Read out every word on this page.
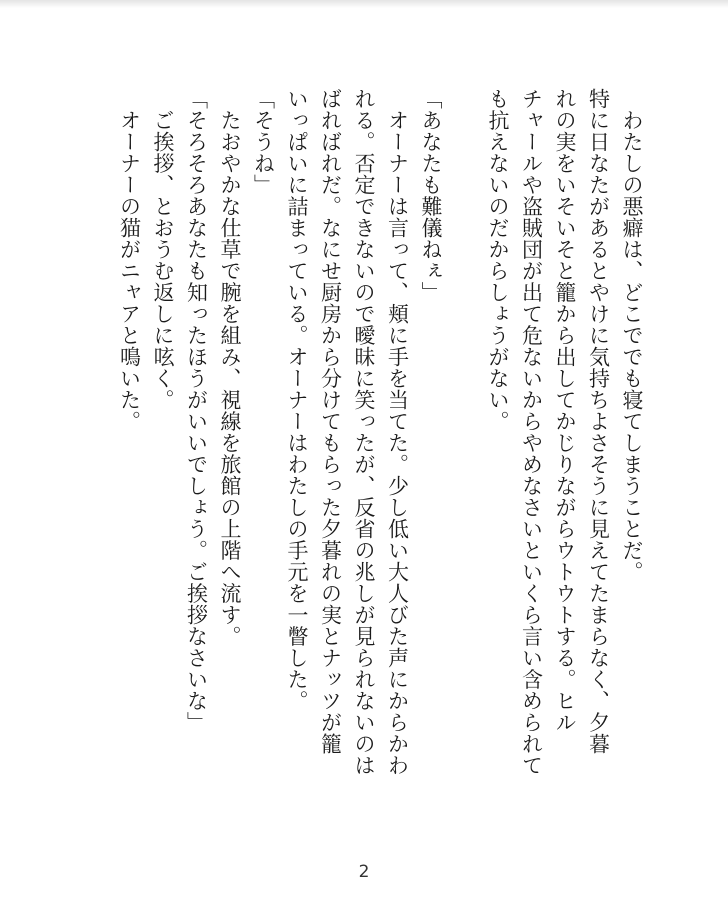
　わたしの悪癖は、どこででも寝てしまうことだ。
特に日なたがあるとやけに気持ちよさそうに見えてたまらなく、夕暮
れの実をいそいそと籠から出してかじりながらウトウトする。ヒル
チャールや盗賊団が出て危ないからやめなさいといくら言い含められて
も抗えないのだからしょうがない。

「あなたも難儀ねぇ」
　オーナーは言って、頬に手を当てた。少し低い大人びた声にからかわ
れる。否定できないので曖昧に笑ったが、反省の兆しが見られないのは
ばればれだ。なにせ厨房から分けてもらった夕暮れの実とナッツが籠
いっぱいに詰まっている。オーナーはわたしの手元を一瞥した。
「そうね」
　たおやかな仕草で腕を組み、視線を旅館の上階へ流す。
「そろそろあなたも知ったほうがいいでしょう。ご挨拶なさいな」
　ご挨拶、とおうむ返しに呟く。
　オーナーの猫がニャアと鳴いた。
2
